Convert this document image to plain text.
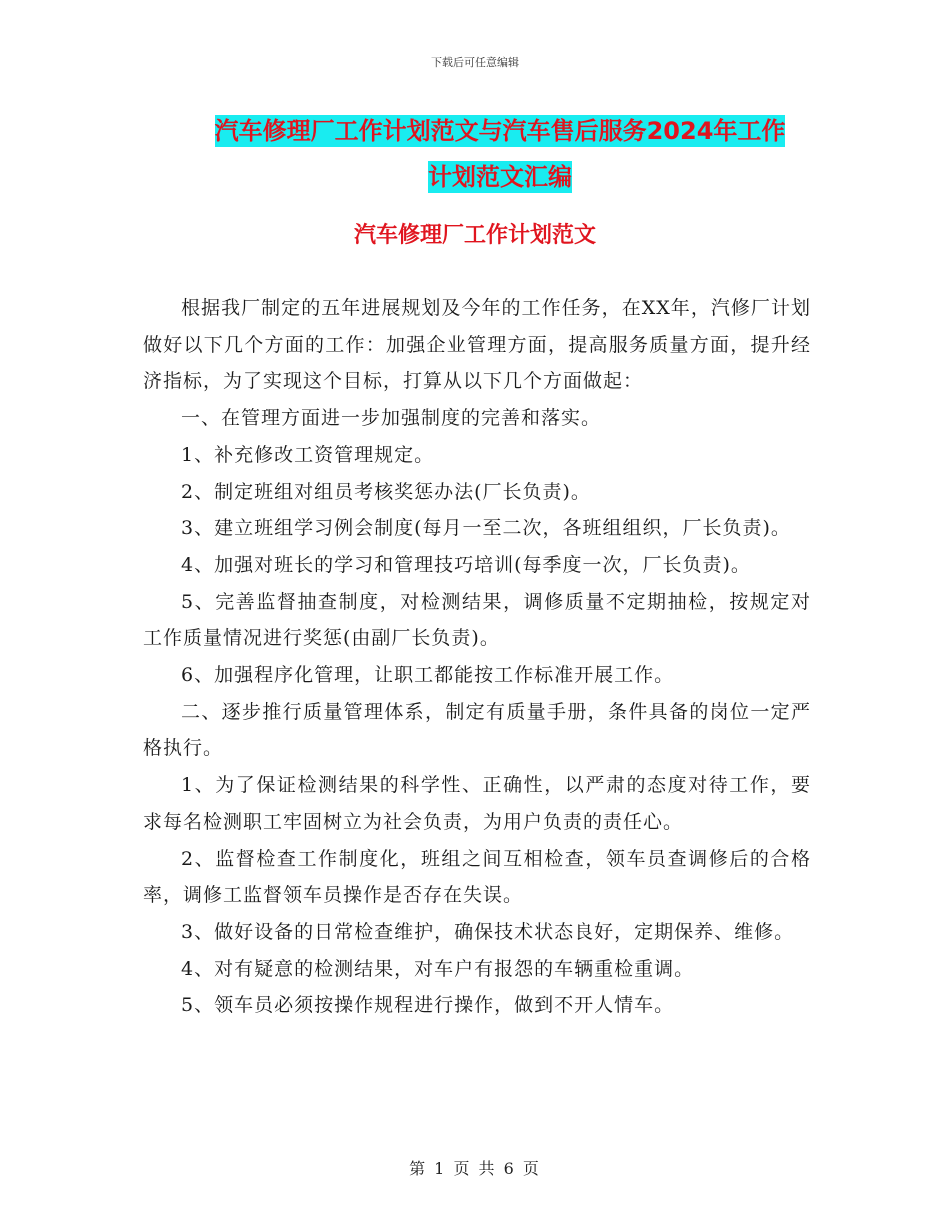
下载后可任意编辑
汽车修理厂工作计划范文与汽车售后服务2024年工作
计划范文汇编
汽车修理厂工作计划范文

根据我厂制定的五年进展规划及今年的工作任务，在XX年，汽修厂计划做好以下几个方面的工作：加强企业管理方面，提高服务质量方面，提升经济指标，为了实现这个目标，打算从以下几个方面做起：

一、在管理方面进一步加强制度的完善和落实。

1、补充修改工资管理规定。

2、制定班组对组员考核奖惩办法(厂长负责)。

3、建立班组学习例会制度(每月一至二次，各班组组织，厂长负责)。

4、加强对班长的学习和管理技巧培训(每季度一次，厂长负责)。

5、完善监督抽查制度，对检测结果，调修质量不定期抽检，按规定对工作质量情况进行奖惩(由副厂长负责)。

6、加强程序化管理，让职工都能按工作标准开展工作。

二、逐步推行质量管理体系，制定有质量手册，条件具备的岗位一定严格执行。

1、为了保证检测结果的科学性、正确性，以严肃的态度对待工作，要求每名检测职工牢固树立为社会负责，为用户负责的责任心。

2、监督检查工作制度化，班组之间互相检查，领车员查调修后的合格率，调修工监督领车员操作是否存在失误。

3、做好设备的日常检查维护，确保技术状态良好，定期保养、维修。

4、对有疑意的检测结果，对车户有报怨的车辆重检重调。

5、领车员必须按操作规程进行操作，做到不开人情车。

第 1 页 共 6 页
